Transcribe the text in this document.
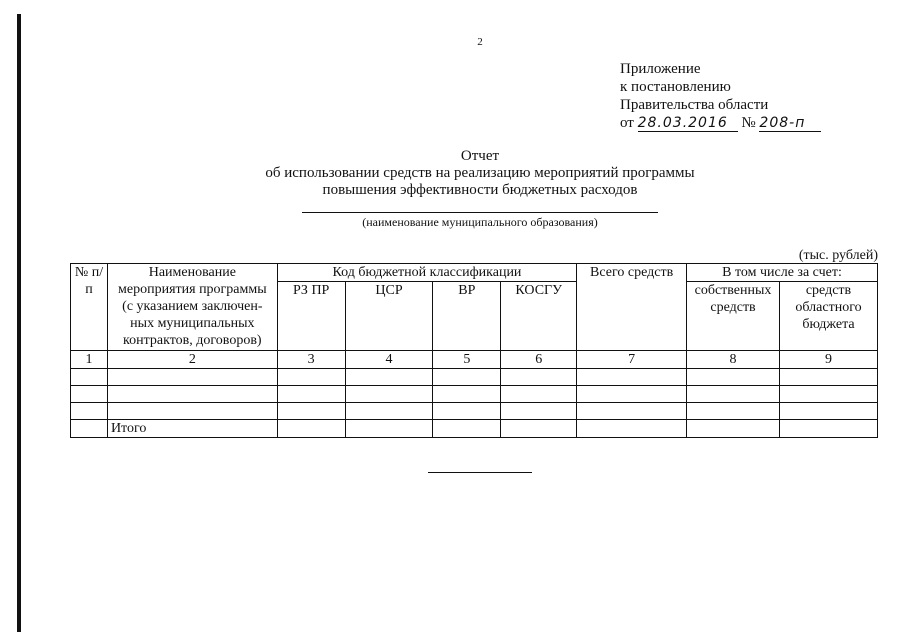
2
Приложение
к постановлению
Правительства области
от 28.03.2016 № 208-п
Отчет
об использовании средств на реализацию мероприятий программы
повышения эффективности бюджетных расходов
(наименование муниципального образования)
(тыс. рублей)
№ п/п	Наименование мероприятия программы (с указанием заключен-ных муниципальных контрактов, договоров)	Код бюджетной классификации				Всего средств	В том числе за счет:	
		РЗ ПР	ЦСР	ВР	КОСГУ		собственных средств	средств областного бюджета
1	2	3	4	5	6	7	8	9

	Итого							
